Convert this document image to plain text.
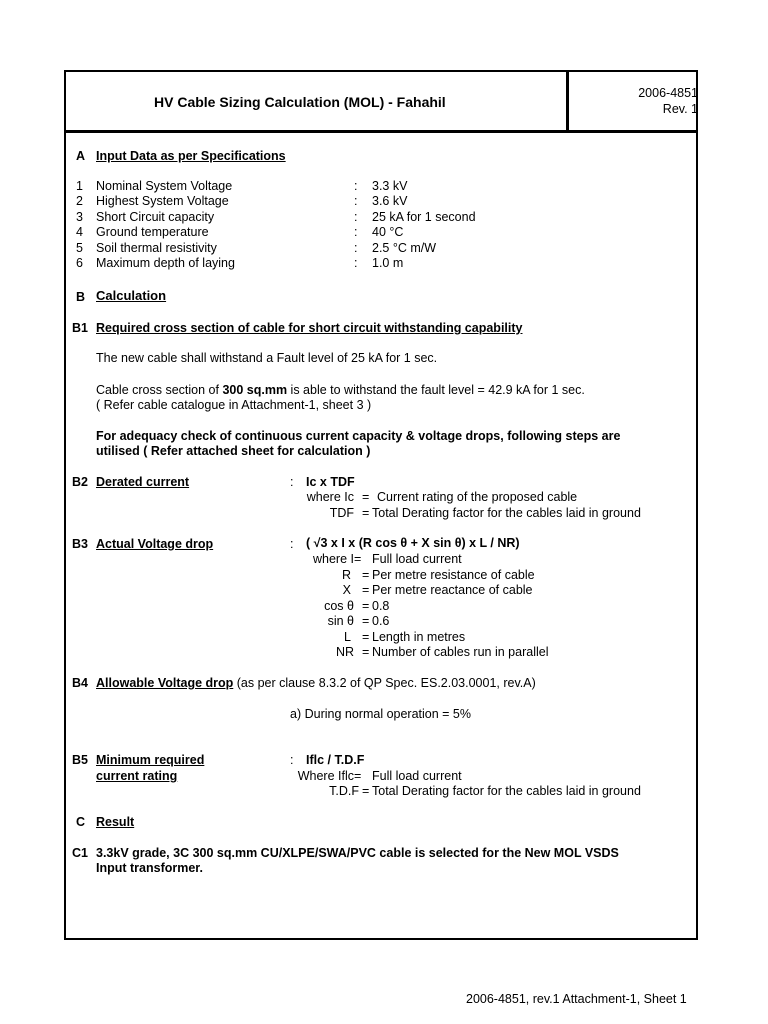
HV Cable Sizing Calculation (MOL) - Fahahil
2006-4851
Rev. 1
A Input Data as per Specifications
1 Nominal System Voltage	: 3.3 kV
2 Highest System Voltage	: 3.6 kV
3 Short Circuit capacity	: 25 kA for 1 second
4 Ground temperature	: 40 °C
5 Soil thermal resistivity	: 2.5 °C m/W
6 Maximum depth of laying	: 1.0 m
B Calculation
B1 Required cross section of cable for short circuit withstanding capability
The new cable shall withstand a Fault level of 25 kA for 1 sec.
Cable cross section of 300 sq.mm is able to withstand the fault level = 42.9 kA for 1 sec.
( Refer cable catalogue in Attachment-1, sheet 3 )
For adequacy check of continuous current capacity & voltage drops, following steps are
utilised ( Refer attached sheet for calculation )
B2 Derated current	: Ic x TDF
where Ic = Current rating of the proposed cable
TDF = Total Derating factor for the cables laid in ground
B3 Actual Voltage drop	: ( √3 x I x (R cos θ + X sin θ) x L / NR)
where I = Full load current
R = Per metre resistance of cable
X = Per metre reactance of cable
cos θ = 0.8
sin θ = 0.6
L = Length in metres
NR = Number of cables run in parallel
B4 Allowable Voltage drop (as per clause 8.3.2 of QP Spec. ES.2.03.0001, rev.A)
a) During normal operation = 5%
B5 Minimum required
current rating
: Iflc / T.D.F
Where Iflc = Full load current
T.D.F = Total Derating factor for the cables laid in ground
C Result
C1 3.3kV grade, 3C 300 sq.mm CU/XLPE/SWA/PVC cable is selected for the New MOL VSDS
Input transformer.
2006-4851, rev.1 Attachment-1, Sheet 1
